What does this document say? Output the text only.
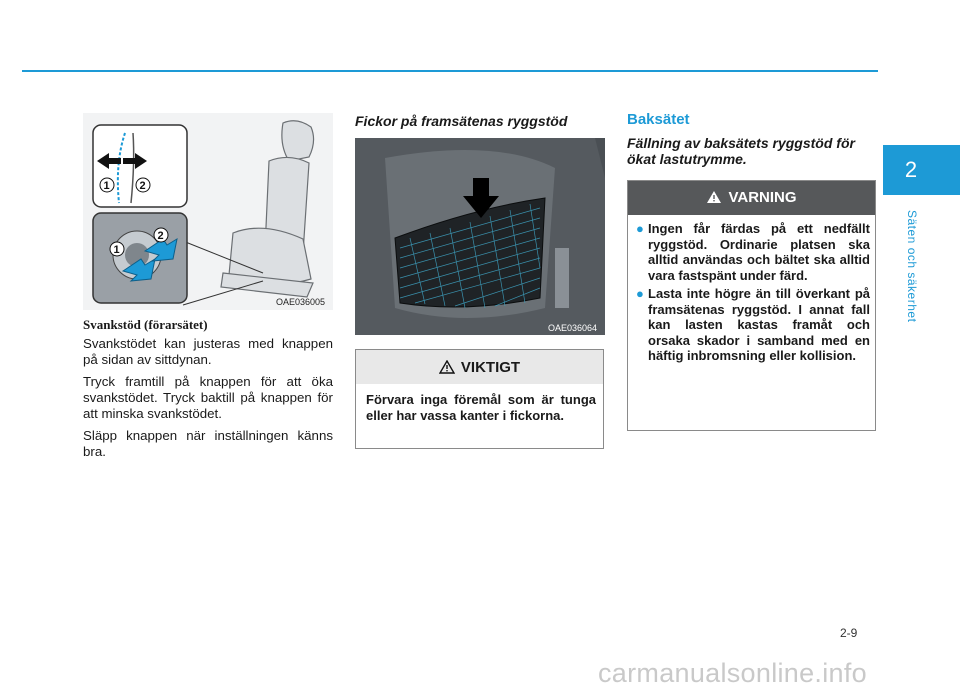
2
Säten och säkerhet
1	2
1
2
OAE036005
Svankstöd (förarsätet)

Svankstödet kan justeras med knappen på sidan av sittdynan.

Tryck framtill på knappen för att öka svankstödet. Tryck baktill på knappen för att minska svankstödet.

Släpp knappen när inställningen känns bra.

Fickor på framsätenas ryggstöd
OAE036064
VIKTIGT

Förvara inga föremål som är tunga eller har vassa kanter i fickorna.

Baksätet

Fällning av baksätets ryggstöd för ökat lastutrymme.

VARNING
● Ingen får färdas på ett nedfällt ryggstöd. Ordinarie platsen ska alltid användas och bältet ska alltid vara fastspänt under färd.
● Lasta inte högre än till överkant på framsätenas ryggstöd. I annat fall kan lasten kastas framåt och orsaka skador i samband med en häftig inbromsning eller kollision.
2-9
carmanualsonline.info
